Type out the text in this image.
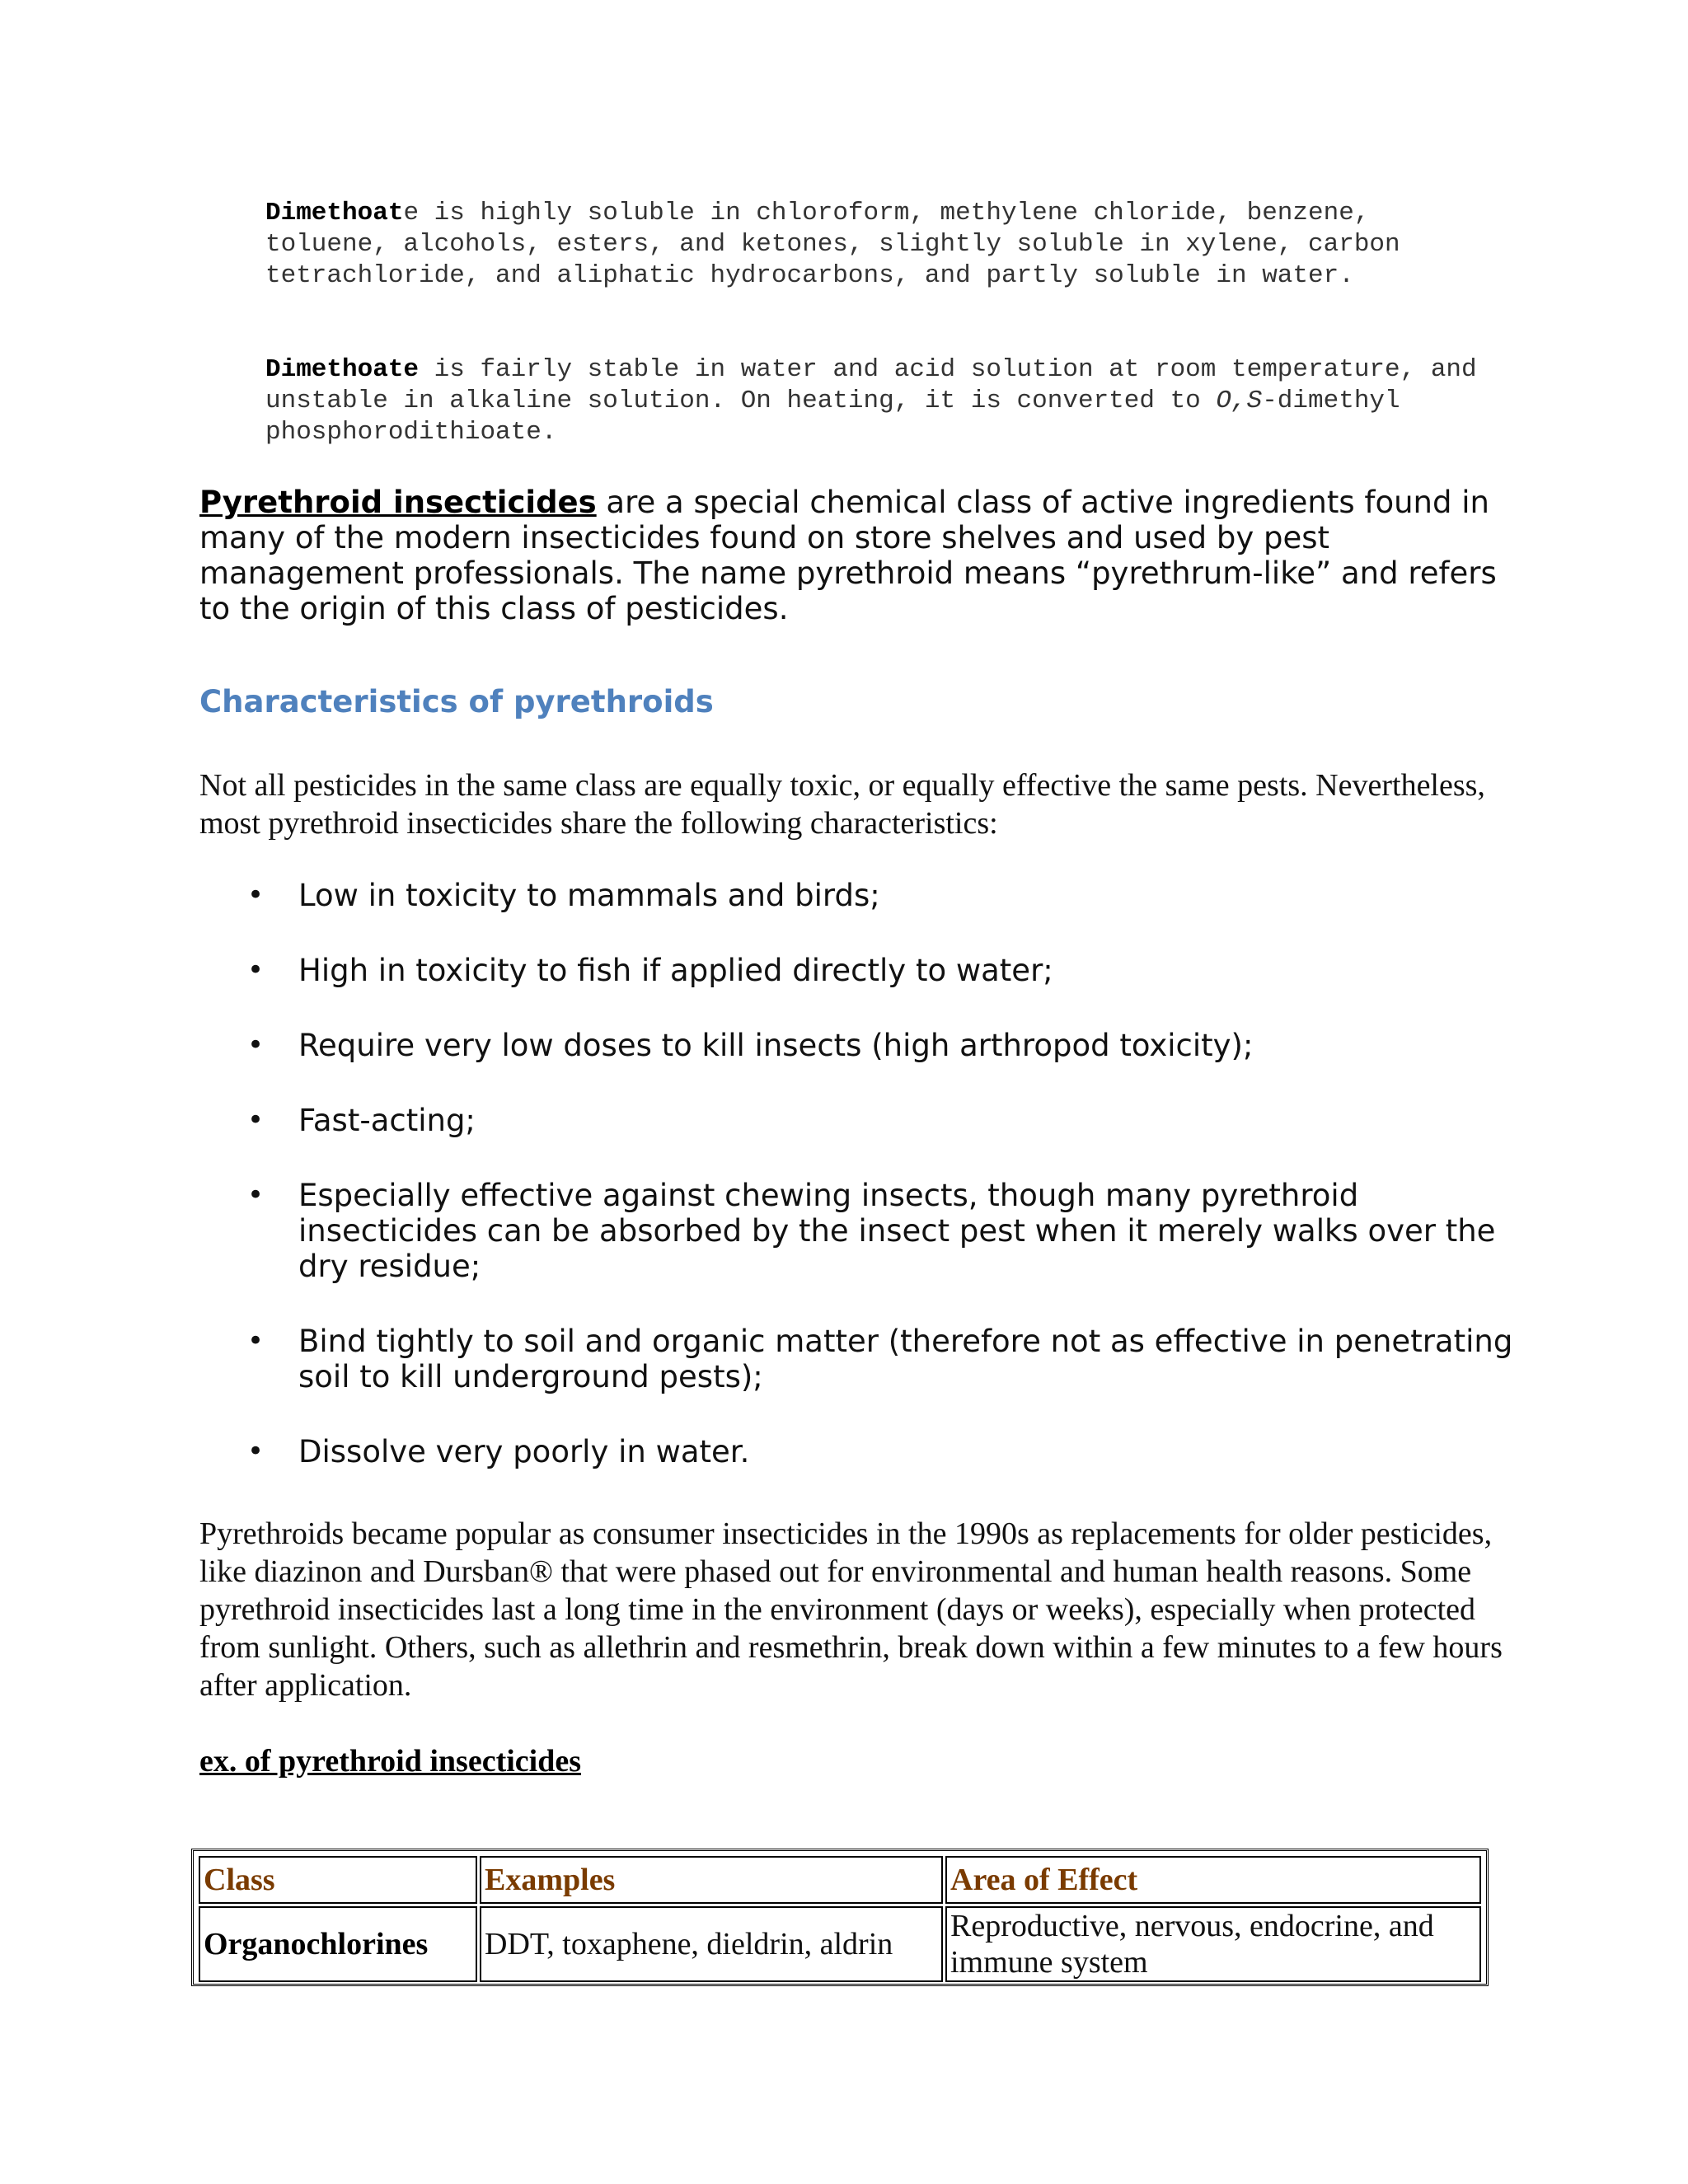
Dimethoate is highly soluble in chloroform, methylene chloride, benzene, toluene, alcohols, esters, and ketones, slightly soluble in xylene, carbon tetrachloride, and aliphatic hydrocarbons, and partly soluble in water.

Dimethoate is fairly stable in water and acid solution at room temperature, and unstable in alkaline solution. On heating, it is converted to O,S-dimethyl phosphorodithioate.

Pyrethroid insecticides are a special chemical class of active ingredients found in many of the modern insecticides found on store shelves and used by pest management professionals. The name pyrethroid means “pyrethrum-like” and refers to the origin of this class of pesticides.

Characteristics of pyrethroids

Not all pesticides in the same class are equally toxic, or equally effective the same pests. Nevertheless, most pyrethroid insecticides share the following characteristics:

• Low in toxicity to mammals and birds;
• High in toxicity to fish if applied directly to water;
• Require very low doses to kill insects (high arthropod toxicity);
• Fast-acting;
• Especially effective against chewing insects, though many pyrethroid insecticides can be absorbed by the insect pest when it merely walks over the dry residue;
• Bind tightly to soil and organic matter (therefore not as effective in penetrating soil to kill underground pests);
• Dissolve very poorly in water.

Pyrethroids became popular as consumer insecticides in the 1990s as replacements for older pesticides, like diazinon and Dursban® that were phased out for environmental and human health reasons. Some pyrethroid insecticides last a long time in the environment (days or weeks), especially when protected from sunlight. Others, such as allethrin and resmethrin, break down within a few minutes to a few hours after application.

ex. of pyrethroid insecticides

Class	Examples	Area of Effect
Organochlorines	DDT, toxaphene, dieldrin, aldrin	Reproductive, nervous, endocrine, and immune system
